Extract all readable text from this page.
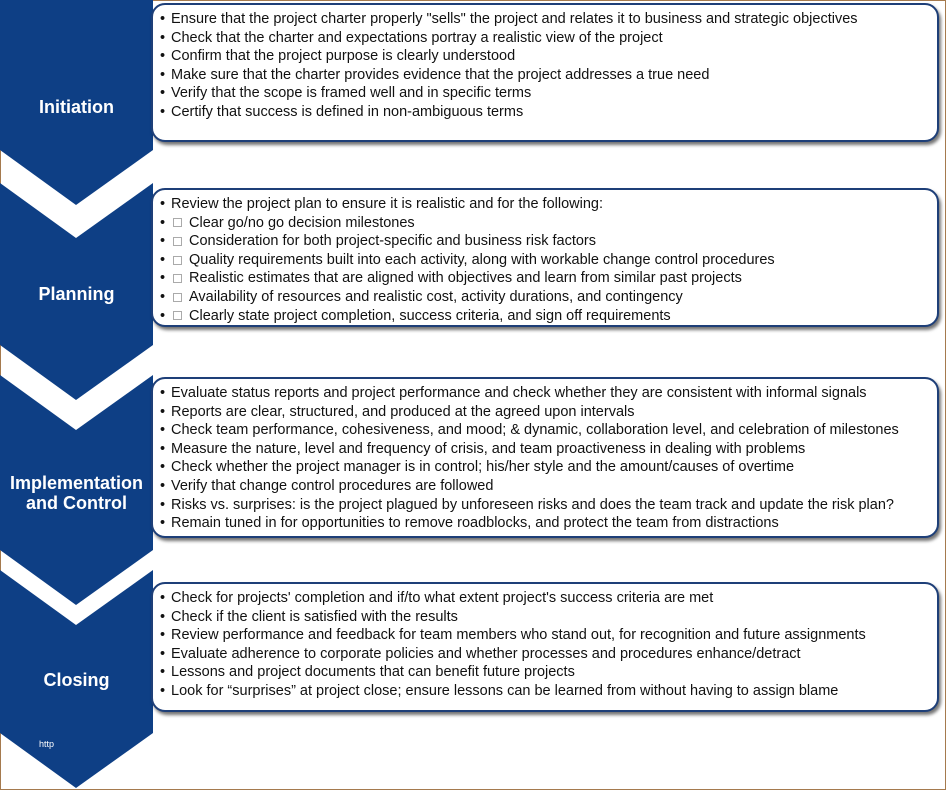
Initiation
Planning
Implementation
and Control
Closing
• Ensure that the project charter properly "sells" the project and relates it to business and strategic objectives
• Check that the charter and expectations portray a realistic view of the project
• Confirm that the project purpose is clearly understood
• Make sure that the charter provides evidence that the project addresses a true need
• Verify that the scope is framed well and in specific terms
• Certify that success is defined in non-ambiguous terms
• Review the project plan to ensure it is realistic and for the following:
•	Clear go/no go decision milestones
•	Consideration for both project-specific and business risk factors
•	Quality requirements built into each activity, along with workable change control procedures
•	Realistic estimates that are aligned with objectives and learn from similar past projects
•	Availability of resources and realistic cost, activity durations, and contingency
•	Clearly state project completion, success criteria, and sign off requirements
• Evaluate status reports and project performance and check whether they are consistent with informal signals
• Reports are clear, structured, and produced at the agreed upon intervals
• Check team performance, cohesiveness, and mood; & dynamic, collaboration level, and celebration of milestones
• Measure the nature, level and frequency of crisis, and team proactiveness in dealing with problems
• Check whether the project manager is in control; his/her style and the amount/causes of overtime
• Verify that change control procedures are followed
• Risks vs. surprises: is the project plagued by unforeseen risks and does the team track and update the risk plan?
• Remain tuned in for opportunities to remove roadblocks, and protect the team from distractions
• Check for projects' completion and if/to what extent project's success criteria are met
• Check if the client is satisfied with the results
• Review performance and feedback for team members who stand out, for recognition and future assignments
• Evaluate adherence to corporate policies and whether processes and procedures enhance/detract
• Lessons and project documents that can benefit future projects
• Look for “surprises” at project close; ensure lessons can be learned from without having to assign blame
http
